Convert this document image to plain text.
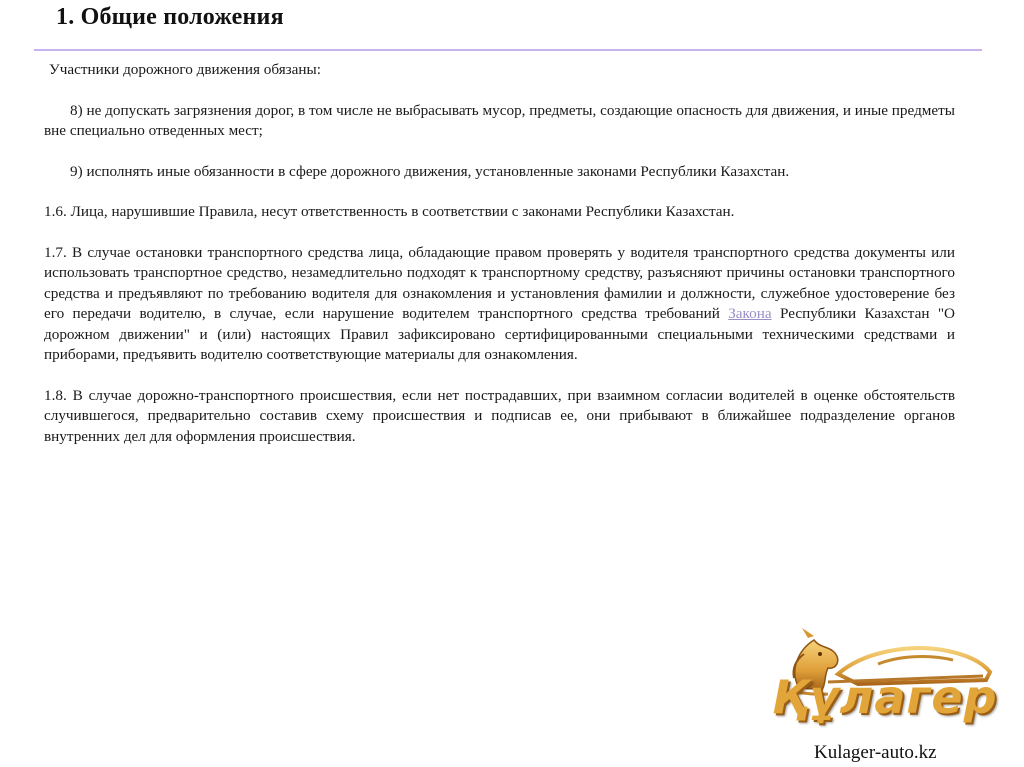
1. Общие положения

Участники дорожного движения обязаны:

8) не допускать загрязнения дорог, в том числе не выбрасывать мусор, предметы, создающие опасность для движения, и иные предметы вне специально отведенных мест;

9) исполнять иные обязанности в сфере дорожного движения, установленные законами Республики Казахстан.

1.6. Лица, нарушившие Правила, несут ответственность в соответствии с законами Республики Казахстан.

1.7. В случае остановки транспортного средства лица, обладающие правом проверять у водителя транспортного средства документы или использовать транспортное средство, незамедлительно подходят к транспортному средству, разъясняют причины остановки транспортного средства и предъявляют по требованию водителя для ознакомления и установления фамилии и должности, служебное удостоверение без его передачи водителю, в случае, если нарушение водителем транспортного средства требований Закона Республики Казахстан "О дорожном движении" и (или) настоящих Правил зафиксировано сертифицированными специальными техническими средствами и приборами, предъявить водителю соответствующие материалы для ознакомления.

1.8. В случае дорожно-транспортного происшествия, если нет пострадавших, при взаимном согласии водителей в оценке обстоятельств случившегося, предварительно составив схему происшествия и подписав ее, они прибывают в ближайшее подразделение органов внутренних дел для оформления происшествия.

Құлагер
Kulager-auto.kz
